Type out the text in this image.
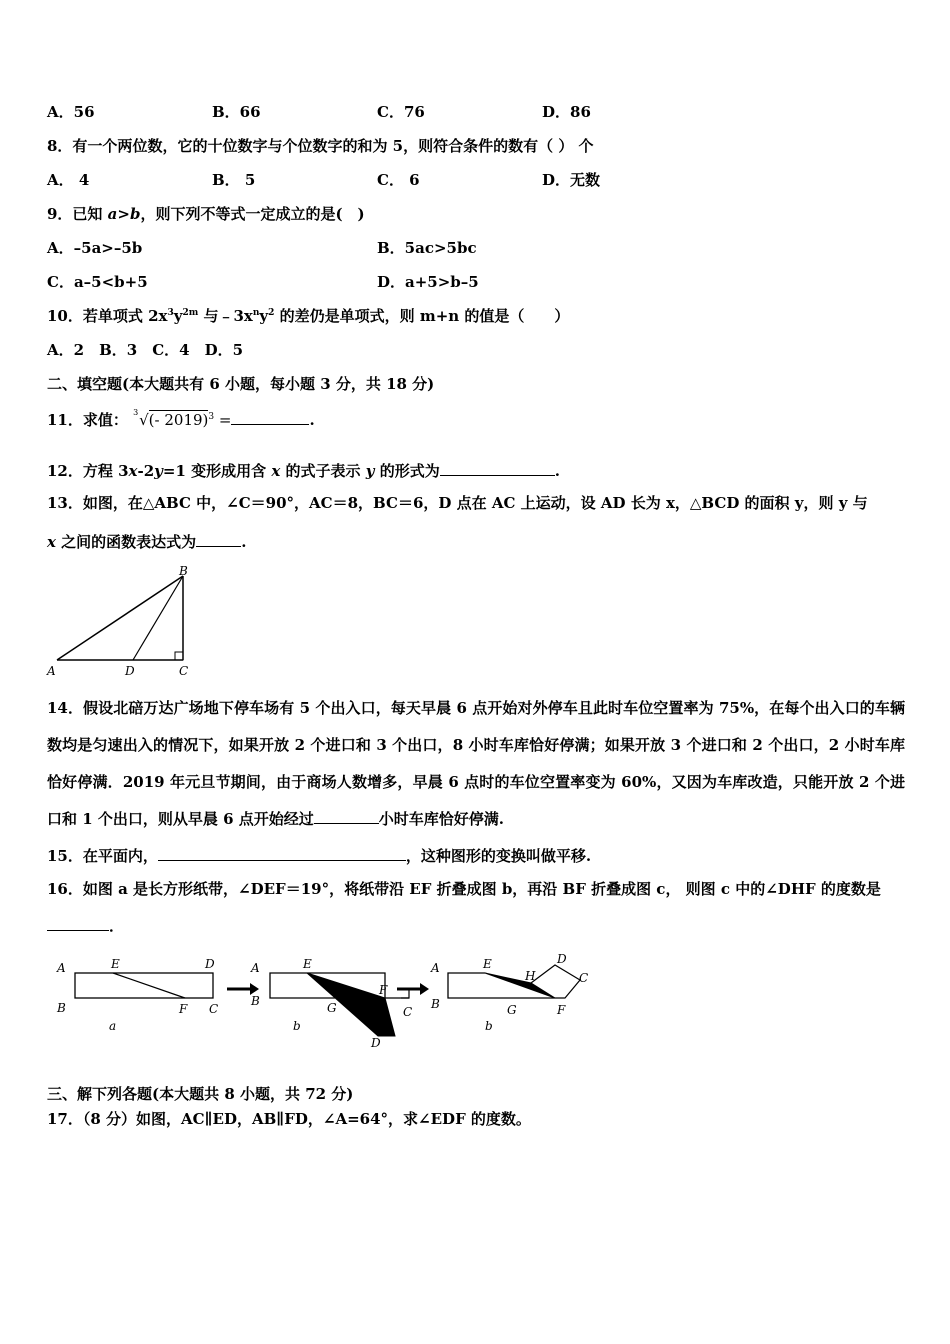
A．56	B．66	C．76	D．86
8．有一个两位数，它的十位数字与个位数字的和为 5，则符合条件的数有（ ） 个
A． 4	B． 5	C． 6	D．无数
9．已知 a>b，则下列不等式一定成立的是(　)
A．–5a>–5b	B．5ac>5bc
C．a–5<b+5	D．a+5>b–5
10．若单项式 $2x^3y^{2m}$ 与$﹣3x^ny^2$ 的差仍是单项式，则 m+n 的值是（　　）
A．2　B．3　C．4　D．5
二、填空题(本大题共有 6 小题，每小题 3 分，共 18 分)
11．求值： 3 √(- 2019)$^3$ =	.
12．方程 3x-2y=1 变形成用含 x 的式子表示 y 的形式为	.
13．如图，在△ABC 中，∠C＝90°，AC＝8，BC＝6，D 点在 AC 上运动，设 AD 长为 x，△BCD 的面积 y，则 y 与
x 之间的函数表达式为	.
A
B
C
D
14．假设北碚万达广场地下停车场有 5 个出入口，每天早晨 6 点开始对外停车且此时车位空置率为 75%，在每个出入口的车辆数均是匀速出入的情况下，如果开放 2 个进口和 3 个出口，8 小时车库恰好停满；如果开放 3 个进口和 2 个出口，2 小时车库恰好停满．2019 年元旦节期间，由于商场人数增多，早晨 6 点时的车位空置率变为 60%，又因为车库改造，只能开放 2 个进口和 1 个出口，则从早晨 6 点开始经过	小时车库恰好停满.
15．在平面内，	，这种图形的变换叫做平移.
16．如图 a 是长方形纸带，∠DEF＝19°，将纸带沿 EF 折叠成图 b，再沿 BF 折叠成图 c， 则图 c 中的∠DHF 的度数是．
A	E	D
B	F C
a
A	E
B	G
F
C
D
b
A	E
H
D
C
B	G	F
b
三、解下列各题(本大题共 8 小题，共 72 分)
17．（8 分）如图，AC∥ED，AB∥FD，∠A=64°，求∠EDF 的度数。
